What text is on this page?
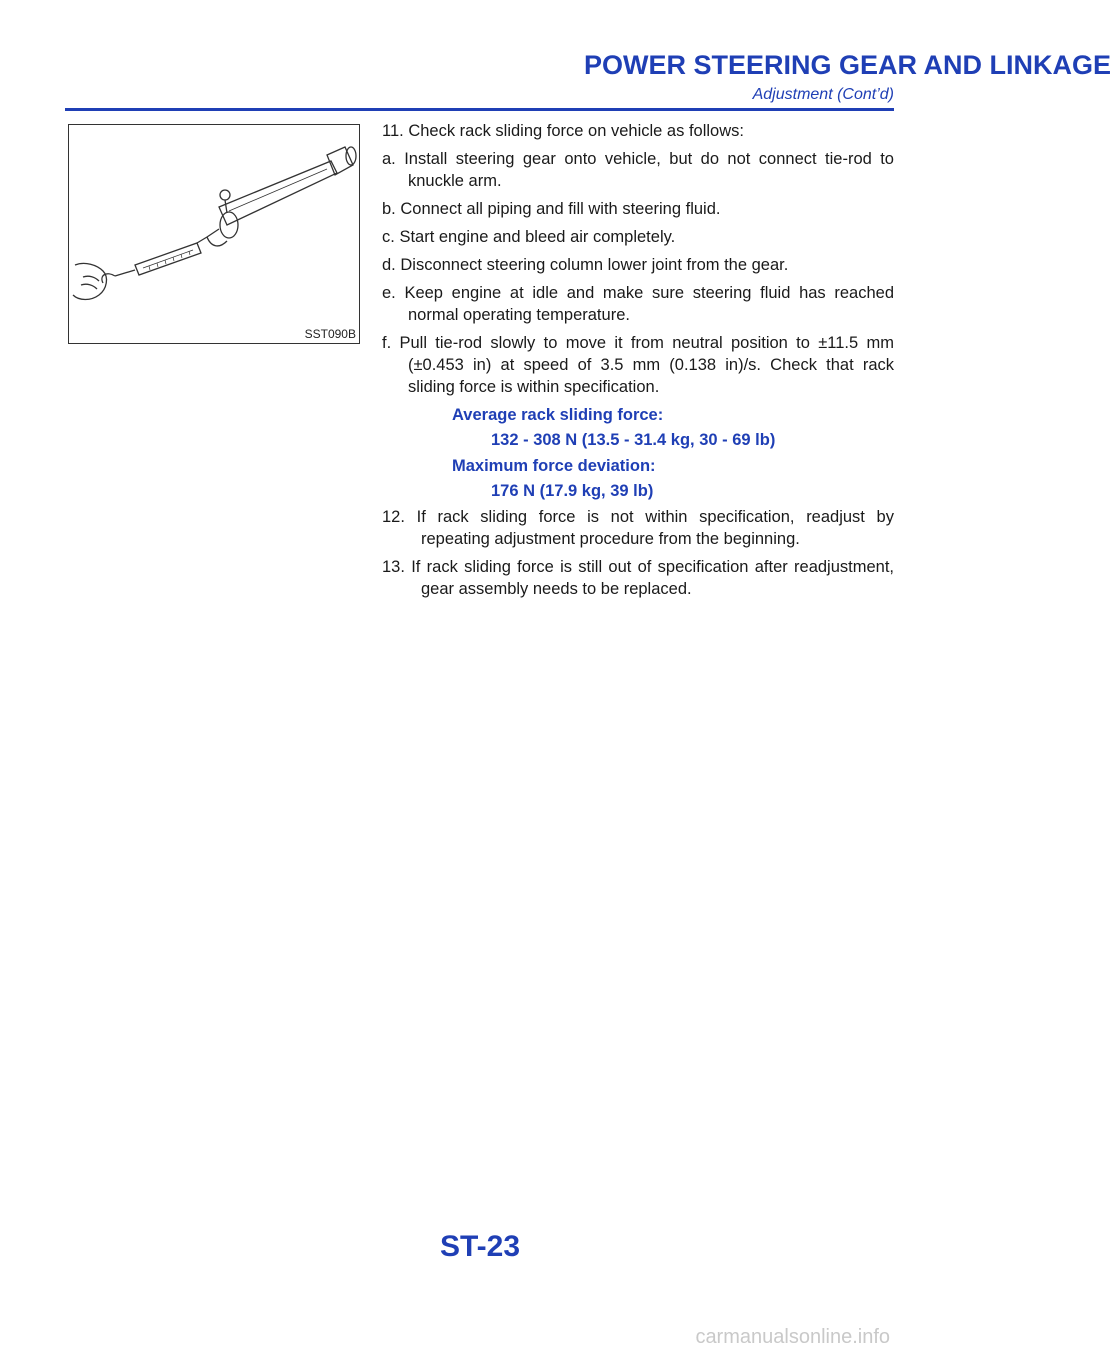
POWER STEERING GEAR AND LINKAGE
Adjustment (Cont’d)
SST090B
11. Check rack sliding force on vehicle as follows:
a. Install steering gear onto vehicle, but do not connect tie-rod to knuckle arm.
b. Connect all piping and fill with steering fluid.
c. Start engine and bleed air completely.
d. Disconnect steering column lower joint from the gear.
e. Keep engine at idle and make sure steering fluid has reached normal operating temperature.
f. Pull tie-rod slowly to move it from neutral position to ±11.5 mm (±0.453 in) at speed of 3.5 mm (0.138 in)/s. Check that rack sliding force is within specification.
Average rack sliding force:
132 - 308 N (13.5 - 31.4 kg, 30 - 69 lb)
Maximum force deviation:
176 N (17.9 kg, 39 lb)
12. If rack sliding force is not within specification, readjust by repeating adjustment procedure from the beginning.
13. If rack sliding force is still out of specification after readjustment, gear assembly needs to be replaced.
ST-23
carmanualsonline.info
